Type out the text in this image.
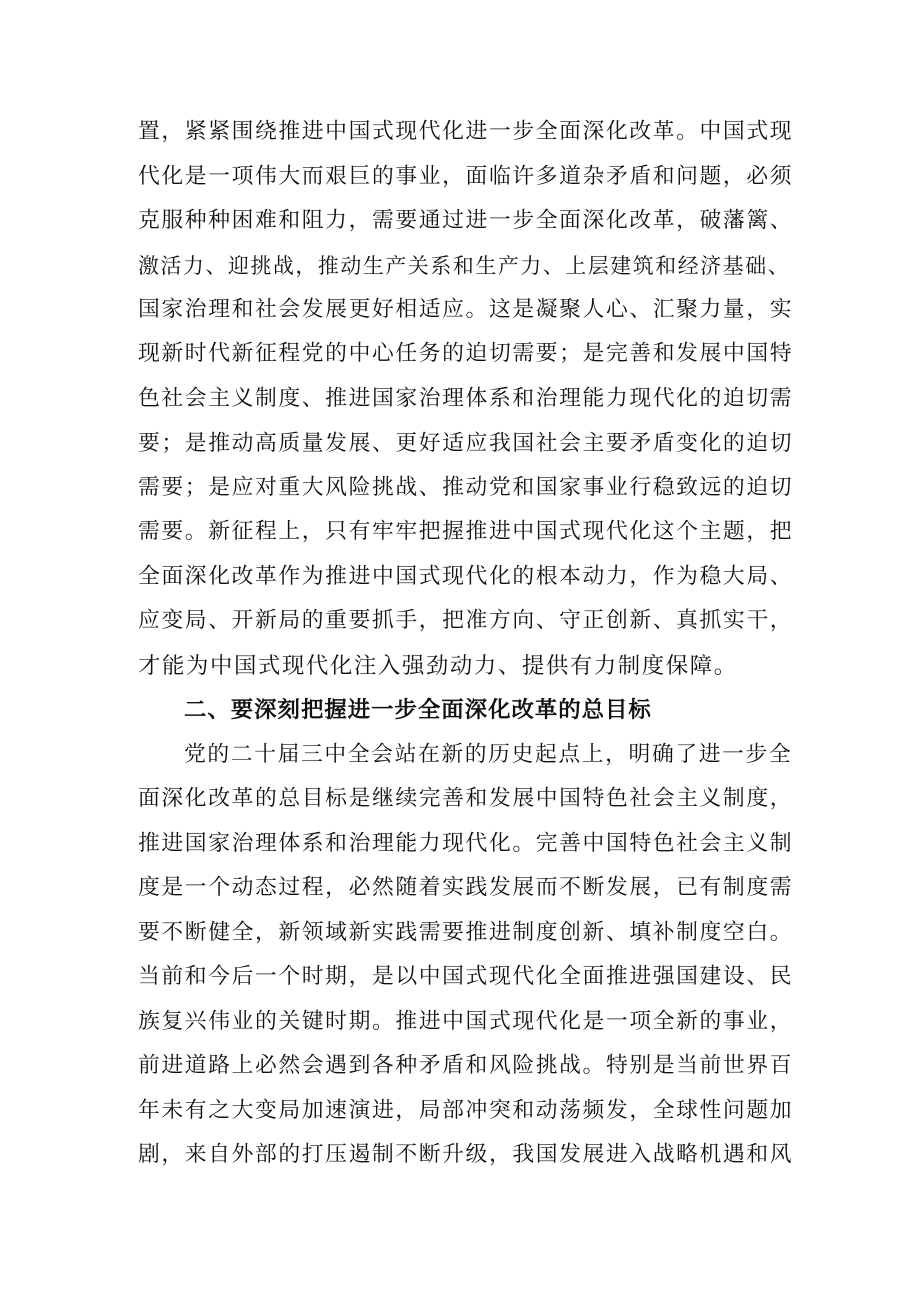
置，紧紧围绕推进中国式现代化进一步全面深化改革。中国式现
代化是一项伟大而艰巨的事业，面临许多道杂矛盾和问题，必须
克服种种困难和阻力，需要通过进一步全面深化改革，破藩篱、
激活力、迎挑战，推动生产关系和生产力、上层建筑和经济基础、
国家治理和社会发展更好相适应。这是凝聚人心、汇聚力量，实
现新时代新征程党的中心任务的迫切需要；是完善和发展中国特
色社会主义制度、推进国家治理体系和治理能力现代化的迫切需
要；是推动高质量发展、更好适应我国社会主要矛盾变化的迫切
需要；是应对重大风险挑战、推动党和国家事业行稳致远的迫切
需要。新征程上，只有牢牢把握推进中国式现代化这个主题，把
全面深化改革作为推进中国式现代化的根本动力，作为稳大局、
应变局、开新局的重要抓手，把准方向、守正创新、真抓实干，
才能为中国式现代化注入强劲动力、提供有力制度保障。
二、要深刻把握进一步全面深化改革的总目标
党的二十届三中全会站在新的历史起点上，明确了进一步全
面深化改革的总目标是继续完善和发展中国特色社会主义制度，
推进国家治理体系和治理能力现代化。完善中国特色社会主义制
度是一个动态过程，必然随着实践发展而不断发展，已有制度需
要不断健全，新领域新实践需要推进制度创新、填补制度空白。
当前和今后一个时期，是以中国式现代化全面推进强国建设、民
族复兴伟业的关键时期。推进中国式现代化是一项全新的事业，
前进道路上必然会遇到各种矛盾和风险挑战。特别是当前世界百
年未有之大变局加速演进，局部冲突和动荡频发，全球性问题加
剧，来自外部的打压遏制不断升级，我国发展进入战略机遇和风
